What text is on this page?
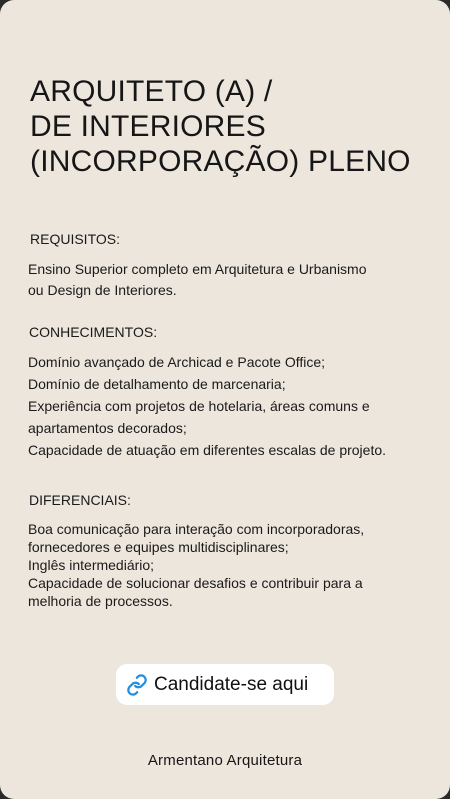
ARQUITETO (A) /
DE INTERIORES
(INCORPORAÇÃO) PLENO
REQUISITOS:
Ensino Superior completo em Arquitetura e Urbanismo
ou Design de Interiores.
CONHECIMENTOS:
Domínio avançado de Archicad e Pacote Office;
Domínio de detalhamento de marcenaria;
Experiência com projetos de hotelaria, áreas comuns e
apartamentos decorados;
Capacidade de atuação em diferentes escalas de projeto.
DIFERENCIAIS:
Boa comunicação para interação com incorporadoras,
fornecedores e equipes multidisciplinares;
Inglês intermediário;
Capacidade de solucionar desafios e contribuir para a
melhoria de processos.
Candidate-se aqui
Armentano Arquitetura
